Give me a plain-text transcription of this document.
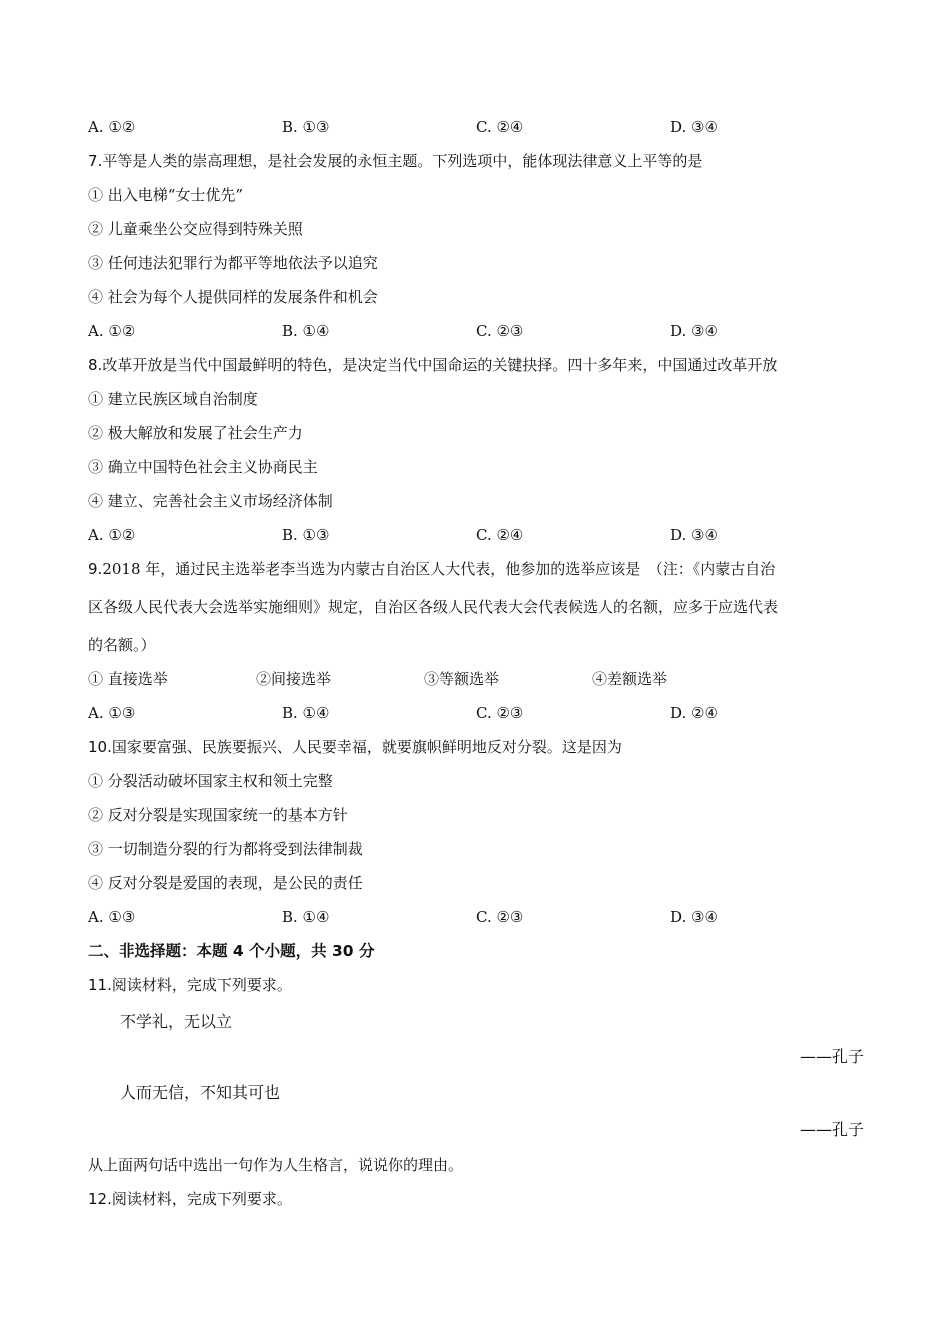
A. ①②	B. ①③	C. ②④	D. ③④
7.平等是人类的崇高理想，是社会发展的永恒主题。下列选项中，能体现法律意义上平等的是
① 出入电梯“女士优先”
② 儿童乘坐公交应得到特殊关照
③ 任何违法犯罪行为都平等地依法予以追究
④ 社会为每个人提供同样的发展条件和机会
A. ①②	B. ①④	C. ②③	D. ③④
8.改革开放是当代中国最鲜明的特色，是决定当代中国命运的关键抉择。四十多年来，中国通过改革开放
① 建立民族区域自治制度
② 极大解放和发展了社会生产力
③ 确立中国特色社会主义协商民主
④ 建立、完善社会主义市场经济体制
A. ①②	B. ①③	C. ②④	D. ③④
9.2018 年，通过民主选举老李当选为内蒙古自治区人大代表，他参加的选举应该是　（注：《内蒙古自治
区各级人民代表大会选举实施细则》规定，自治区各级人民代表大会代表候选人的名额，应多于应选代表
的名额。）
① 直接选举	②间接选举	③等额选举	④差额选举
A. ①③	B. ①④	C. ②③	D. ②④
10.国家要富强、民族要振兴、人民要幸福，就要旗帜鲜明地反对分裂。这是因为
① 分裂活动破坏国家主权和领土完整
② 反对分裂是实现国家统一的基本方针
③ 一切制造分裂的行为都将受到法律制裁
④ 反对分裂是爱国的表现，是公民的责任
A. ①③	B. ①④	C. ②③	D. ③④
二、非选择题：本题 4 个小题，共 30 分
11.阅读材料，完成下列要求。
不学礼，无以立
——孔子
人而无信，不知其可也
——孔子
从上面两句话中选出一句作为人生格言，说说你的理由。
12.阅读材料，完成下列要求。
